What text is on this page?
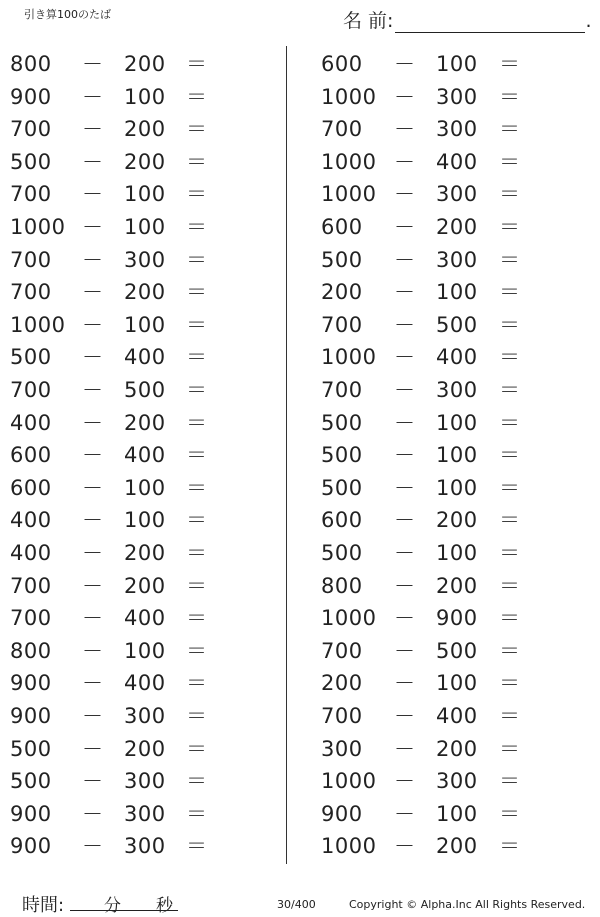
引き算100のたば	名 前:	.
800 － 200 ＝
900 － 100 ＝
700 － 200 ＝
500 － 200 ＝
700 － 100 ＝
1000 － 100 ＝
700 － 300 ＝
700 － 200 ＝
1000 － 100 ＝
500 － 400 ＝
700 － 500 ＝
400 － 200 ＝
600 － 400 ＝
600 － 100 ＝
400 － 100 ＝
400 － 200 ＝
700 － 200 ＝
700 － 400 ＝
800 － 100 ＝
900 － 400 ＝
900 － 300 ＝
500 － 200 ＝
500 － 300 ＝
900 － 300 ＝
900 － 300 ＝
600 － 100 ＝
1000 － 300 ＝
700 － 300 ＝
1000 － 400 ＝
1000 － 300 ＝
600 － 200 ＝
500 － 300 ＝
200 － 100 ＝
700 － 500 ＝
1000 － 400 ＝
700 － 300 ＝
500 － 100 ＝
500 － 100 ＝
500 － 100 ＝
600 － 200 ＝
500 － 100 ＝
800 － 200 ＝
1000 － 900 ＝
700 － 500 ＝
200 － 100 ＝
700 － 400 ＝
300 － 200 ＝
1000 － 300 ＝
900 － 100 ＝
1000 － 200 ＝
時間: 分 秒	30/400	Copyright © Alpha.Inc All Rights Reserved.
